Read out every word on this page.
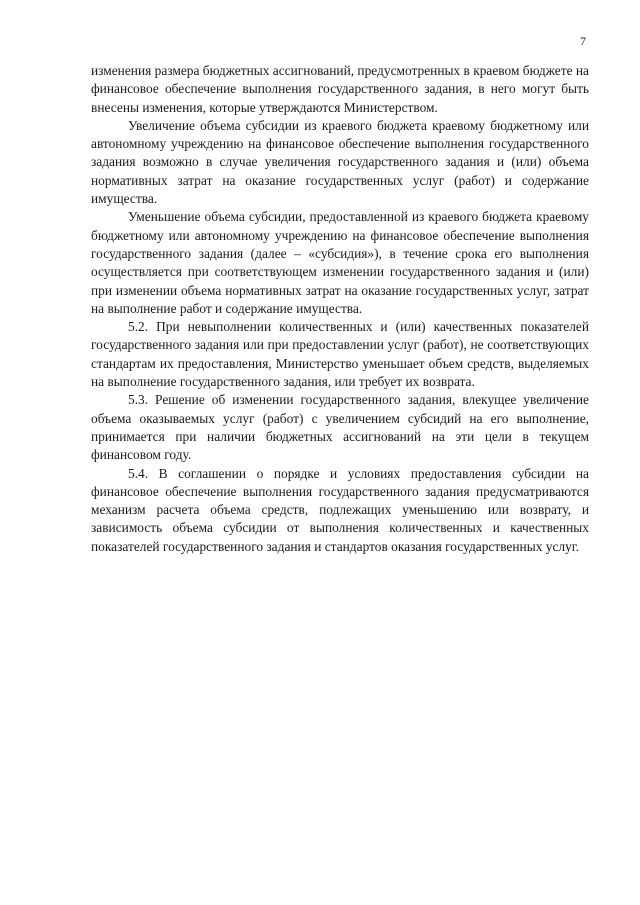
7

изменения размера бюджетных ассигнований, предусмотренных в краевом бюджете на финансовое обеспечение выполнения государственного задания, в него могут быть внесены изменения, которые утверждаются Министерством.

Увеличение объема субсидии из краевого бюджета краевому бюджетному или автономному учреждению на финансовое обеспечение выполнения государственного задания возможно в случае увеличения государственного задания и (или) объема нормативных затрат на оказание государственных услуг (работ) и содержание имущества.

Уменьшение объема субсидии, предоставленной из краевого бюджета краевому бюджетному или автономному учреждению на финансовое обеспечение выполнения государственного задания (далее – «субсидия»), в течение срока его выполнения осуществляется при соответствующем изменении государственного задания и (или) при изменении объема нормативных затрат на оказание государственных услуг, затрат на выполнение работ и содержание имущества.

5.2. При невыполнении количественных и (или) качественных показателей государственного задания или при предоставлении услуг (работ), не соответствующих стандартам их предоставления, Министерство уменьшает объем средств, выделяемых на выполнение государственного задания, или требует их возврата.

5.3. Решение об изменении государственного задания, влекущее увеличение объема оказываемых услуг (работ) с увеличением субсидий на его выполнение, принимается при наличии бюджетных ассигнований на эти цели в текущем финансовом году.

5.4. В соглашении о порядке и условиях предоставления субсидии на финансовое обеспечение выполнения государственного задания предусматриваются механизм расчета объема средств, подлежащих уменьшению или возврату, и зависимость объема субсидии от выполнения количественных и качественных показателей государственного задания и стандартов оказания государственных услуг.
